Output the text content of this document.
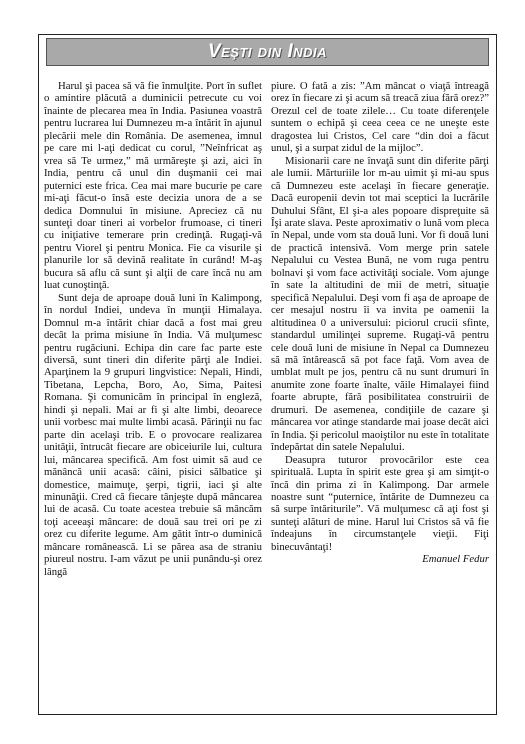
Veşti din India

Harul şi pacea să vă fie înmulţite. Port în suflet o amintire plăcută a duminicii petrecute cu voi înainte de plecarea mea în India. Pasiunea voastră pentru lucrarea lui Dumnezeu m-a întărit în ajunul plecării mele din România. De asemenea, imnul pe care mi l-aţi dedicat cu corul, ”Neînfricat aş vrea să Te urmez,” mă urmăreşte şi azi, aici în India, pentru că unul din duşmanii cei mai puternici este frica. Cea mai mare bucurie pe care mi-aţi făcut-o însă este decizia unora de a se dedica Domnului în misiune. Apreciez că nu sunteţi doar tineri ai vorbelor frumoase, ci tineri cu iniţiative temerare prin credinţă. Rugaţi-vă pentru Viorel şi pentru Monica. Fie ca visurile şi planurile lor să devină realitate în curând! M-aş bucura să aflu că sunt şi alţii de care încă nu am luat cunoştinţă.

Sunt deja de aproape două luni în Kalimpong, în nordul Indiei, undeva în munţii Himalaya. Domnul m-a întărit chiar dacă a fost mai greu decât la prima misiune în India. Vă mulţumesc pentru rugăciuni. Echipa din care fac parte este diversă, sunt tineri din diferite părţi ale Indiei. Aparţinem la 9 grupuri lingvistice: Nepali, Hindi, Tibetana, Lepcha, Boro, Ao, Sima, Paitesi Romana. Şi comunicăm în principal în engleză, hindi şi nepali. Mai ar fi şi alte limbi, deoarece unii vorbesc mai multe limbi acasă. Părinţii nu fac parte din acelaşi trib. E o provocare realizarea unităţii, întrucât fiecare are obiceiurile lui, cultura lui, mâncarea specifică. Am fost uimit să aud ce mănâncă unii acasă: câini, pisici sălbatice şi domestice, maimuţe, şerpi, tigrii, iaci şi alte minunăţii. Cred că fiecare tânjeşte după mâncarea lui de acasă. Cu toate acestea trebuie să mâncăm toţi aceeaşi mâncare: de două sau trei ori pe zi orez cu diferite legume. Am gătit într-o duminică mâncare românească. Li se părea asa de straniu piureul nostru. I-am văzut pe unii punându-şi orez lângă

piure. O fată a zis: ”Am mâncat o viaţă întreagă orez în fiecare zi şi acum să treacă ziua fără orez?” Orezul cel de toate zilele… Cu toate diferenţele suntem o echipă şi ceea ceea ce ne uneşte este dragostea lui Cristos, Cel care “din doi a făcut unul, şi a surpat zidul de la mijloc”.

Misionarii care ne învaţă sunt din diferite părţi ale lumii. Mărturiile lor m-au uimit şi mi-au spus că Dumnezeu este acelaşi în fiecare generaţie. Dacă europenii devin tot mai sceptici la lucrările Duhului Sfânt, El şi-a ales popoare dispreţuite să Îşi arate slava. Peste aproximativ o lună vom pleca în Nepal, unde vom sta două luni. Vor fi două luni de practică intensivă. Vom merge prin satele Nepalului cu Vestea Bună, ne vom ruga pentru bolnavi şi vom face activităţi sociale. Vom ajunge în sate la altitudini de mii de metri, situaţie specifică Nepalului. Deşi vom fi aşa de aproape de cer mesajul nostru îi va invita pe oamenii la altitudinea 0 a universului: piciorul crucii sfinte, standardul umilinţei supreme. Rugaţi-vă pentru cele două luni de misiune în Nepal ca Dumnezeu să mă întărească să pot face faţă. Vom avea de umblat mult pe jos, pentru că nu sunt drumuri în anumite zone foarte înalte, văile Himalayei fiind foarte abrupte, fără posibilitatea construirii de drumuri. De asemenea, condiţiile de cazare şi mâncarea vor atinge standarde mai joase decât aici în India. Şi pericolul maoiştilor nu este în totalitate îndepărtat din satele Nepalului.

Deasupra tuturor provocărilor este cea spirituală. Lupta în spirit este grea şi am simţit-o încă din prima zi în Kalimpong. Dar armele noastre sunt “puternice, întărite de Dumnezeu ca să surpe întăriturile”. Vă mulţumesc că aţi fost şi sunteţi alături de mine. Harul lui Cristos să vă fie îndeajuns în circumstanţele vieţii. Fiţi binecuvântaţi!

Emanuel Fedur
